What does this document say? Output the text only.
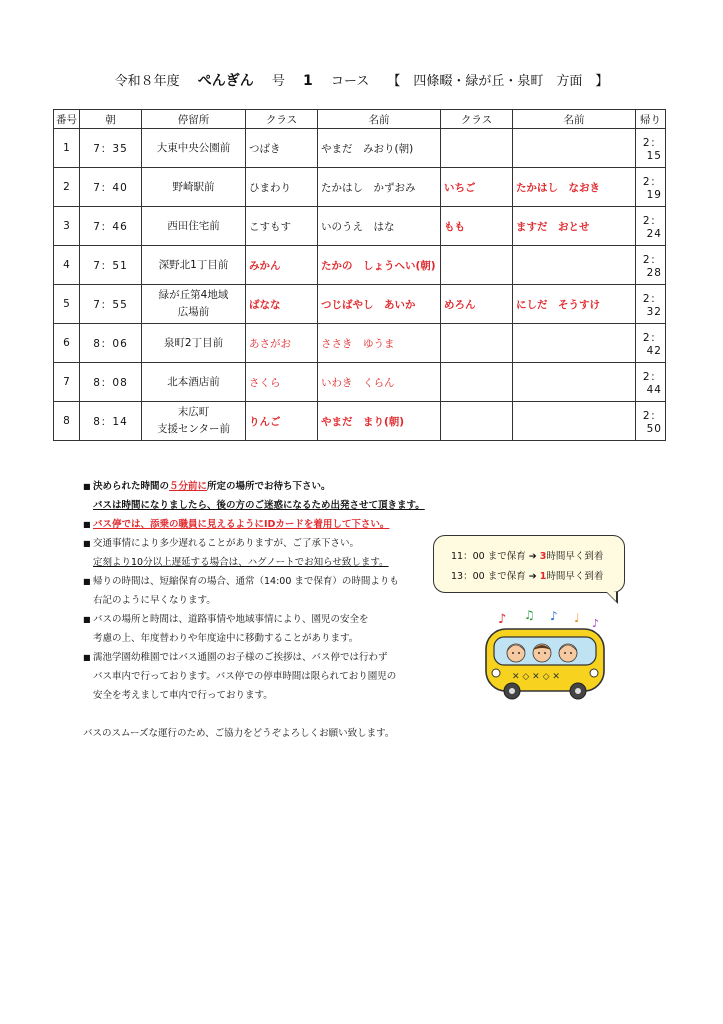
令和８年度 ぺんぎん 号 1 コース 【　四條畷・緑が丘・泉町　方面　】
番号	朝	停留所	クラス	名前	クラス	名前	帰り
1	7：35	大東中央公園前	つばき	やまだ　みおり(朝)			2：15
2	7：40	野崎駅前	ひまわり	たかはし　かずおみ	いちご	たかはし　なおき	2：19
3	7：46	西田住宅前	こすもす	いのうえ　はな	もも	ますだ　おとせ	2：24
4	7：51	深野北1丁目前	みかん	たかの　しょうへい(朝)			2：28
5	7：55	緑が丘第4地域
広場前	ばなな	つじばやし　あいか	めろん	にしだ　そうすけ	2：32
6	8：06	泉町2丁目前	あさがお	ささき　ゆうま			2：42
7	8：08	北本酒店前	さくら	いわき　くらん			2：44
8	8：14	末広町
支援センター前	りんご	やまだ　まり(朝)			2：50
■ 決められた時間の５分前に所定の場所でお待ち下さい。
バスは時間になりましたら、後の方のご迷惑になるため出発させて頂きます。
■ バス停では、添乗の職員に見えるようにIDカードを着用して下さい。
■ 交通事情により多少遅れることがありますが、ご了承下さい。
定刻より10分以上遅延する場合は、ハグノートでお知らせ致します。
■ 帰りの時間は、短縮保育の場合、通常（14:00 まで保育）の時間よりも
右記のように早くなります。
■ バスの場所と時間は、道路事情や地域事情により、園児の安全を
考慮の上、年度替わりや年度途中に移動することがあります。
■ 濡池学園幼稚園ではバス通園のお子様のご挨拶は、バス停では行わず
バス車内で行っております。バス停での停車時間は限られており園児の
安全を考えまして車内で行っております。
バスのスムーズな運行のため、ご協力をどうぞよろしくお願い致します。
11：00 まで保育 ➔ 3時間早く到着
13：00 まで保育 ➔ 1時間早く到着
♪ ♫ ♪ ♩ ♪
✕ ◇ ✕ ◇ ✕
